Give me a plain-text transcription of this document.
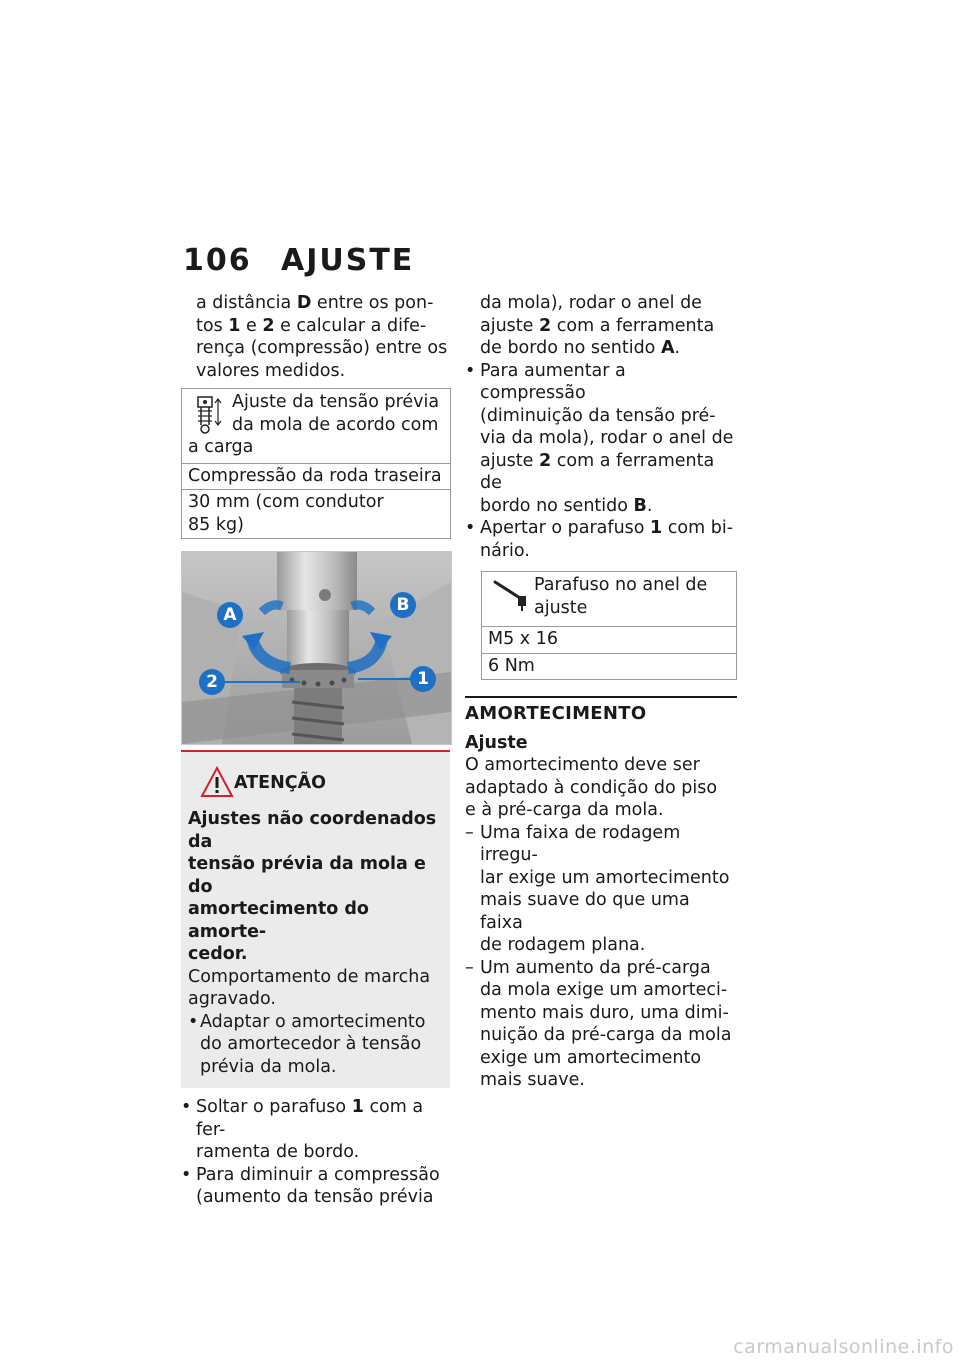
106 AJUSTE
a distância D entre os pon-
tos 1 e 2 e calcular a dife-
rença (compressão) entre os
valores medidos.
Ajuste da tensão prévia
da mola de acordo com
a carga
Compressão da roda traseira
30 mm (com condutor
85 kg)
A	B
2	1
ATENÇÃO
Ajustes não coordenados da
tensão prévia da mola e do
amortecimento do amorte-
cedor.
Comportamento de marcha
agravado.
• Adaptar o amortecimento
do amortecedor à tensão
prévia da mola.
• Soltar o parafuso 1 com a fer-
ramenta de bordo.
• Para diminuir a compressão
(aumento da tensão prévia
da mola), rodar o anel de
ajuste 2 com a ferramenta
de bordo no sentido A.
• Para aumentar a compressão
(diminuição da tensão pré-
via da mola), rodar o anel de
ajuste 2 com a ferramenta de
bordo no sentido B.
• Apertar o parafuso 1 com bi-
nário.
Parafuso no anel de
ajuste
M5 x 16
6 Nm
AMORTECIMENTO
Ajuste
O amortecimento deve ser
adaptado à condição do piso
e à pré-carga da mola.
– Uma faixa de rodagem irregu-
lar exige um amortecimento
mais suave do que uma faixa
de rodagem plana.
– Um aumento da pré-carga
da mola exige um amorteci-
mento mais duro, uma dimi-
nuição da pré-carga da mola
exige um amortecimento
mais suave.
carmanualsonline.info
